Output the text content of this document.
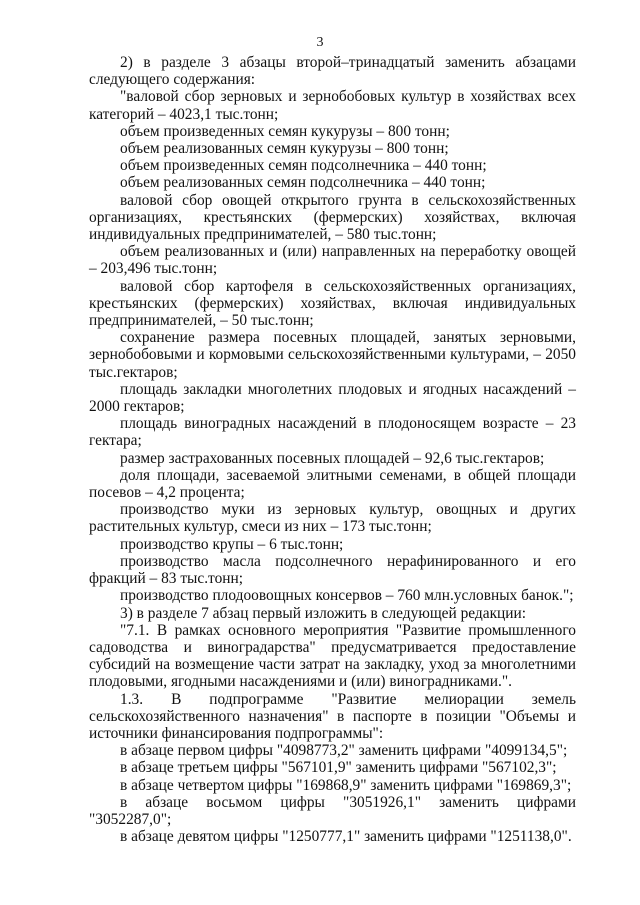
3

2) в разделе 3 абзацы второй–тринадцатый заменить абзацами следующего содержания:

"валовой сбор зерновых и зернобобовых культур в хозяйствах всех категорий – 4023,1 тыс.тонн;

объем произведенных семян кукурузы – 800 тонн;

объем реализованных семян кукурузы – 800 тонн;

объем произведенных семян подсолнечника – 440 тонн;

объем реализованных семян подсолнечника – 440 тонн;

валовой сбор овощей открытого грунта в сельскохозяйственных организациях, крестьянских (фермерских) хозяйствах, включая индивидуальных предпринимателей, – 580 тыс.тонн;

объем реализованных и (или) направленных на переработку овощей – 203,496 тыс.тонн;

валовой сбор картофеля в сельскохозяйственных организациях, крестьянских (фермерских) хозяйствах, включая индивидуальных предпринимателей, – 50 тыс.тонн;

сохранение размера посевных площадей, занятых зерновыми, зернобобовыми и кормовыми сельскохозяйственными культурами, – 2050 тыс.гектаров;

площадь закладки многолетних плодовых и ягодных насаждений – 2000 гектаров;

площадь виноградных насаждений в плодоносящем возрасте – 23 гектара;

размер застрахованных посевных площадей – 92,6 тыс.гектаров;

доля площади, засеваемой элитными семенами, в общей площади посевов – 4,2 процента;

производство муки из зерновых культур, овощных и других растительных культур, смеси из них – 173 тыс.тонн;

производство крупы – 6 тыс.тонн;

производство масла подсолнечного нерафинированного и его фракций – 83 тыс.тонн;

производство плодоовощных консервов – 760 млн.условных банок.";

3) в разделе 7 абзац первый изложить в следующей редакции:

"7.1. В рамках основного мероприятия "Развитие промышленного садоводства и виноградарства" предусматривается предоставление субсидий на возмещение части затрат на закладку, уход за многолетними плодовыми, ягодными насаждениями и (или) виноградниками.".

1.3. В подпрограмме "Развитие мелиорации земель сельскохозяйственного назначения" в паспорте в позиции "Объемы и источники финансирования подпрограммы":

в абзаце первом цифры "4098773,2" заменить цифрами "4099134,5";

в абзаце третьем цифры "567101,9" заменить цифрами "567102,3";

в абзаце четвертом цифры "169868,9" заменить цифрами "169869,3";

в абзаце восьмом цифры "3051926,1" заменить цифрами "3052287,0";

в абзаце девятом цифры "1250777,1" заменить цифрами "1251138,0".
